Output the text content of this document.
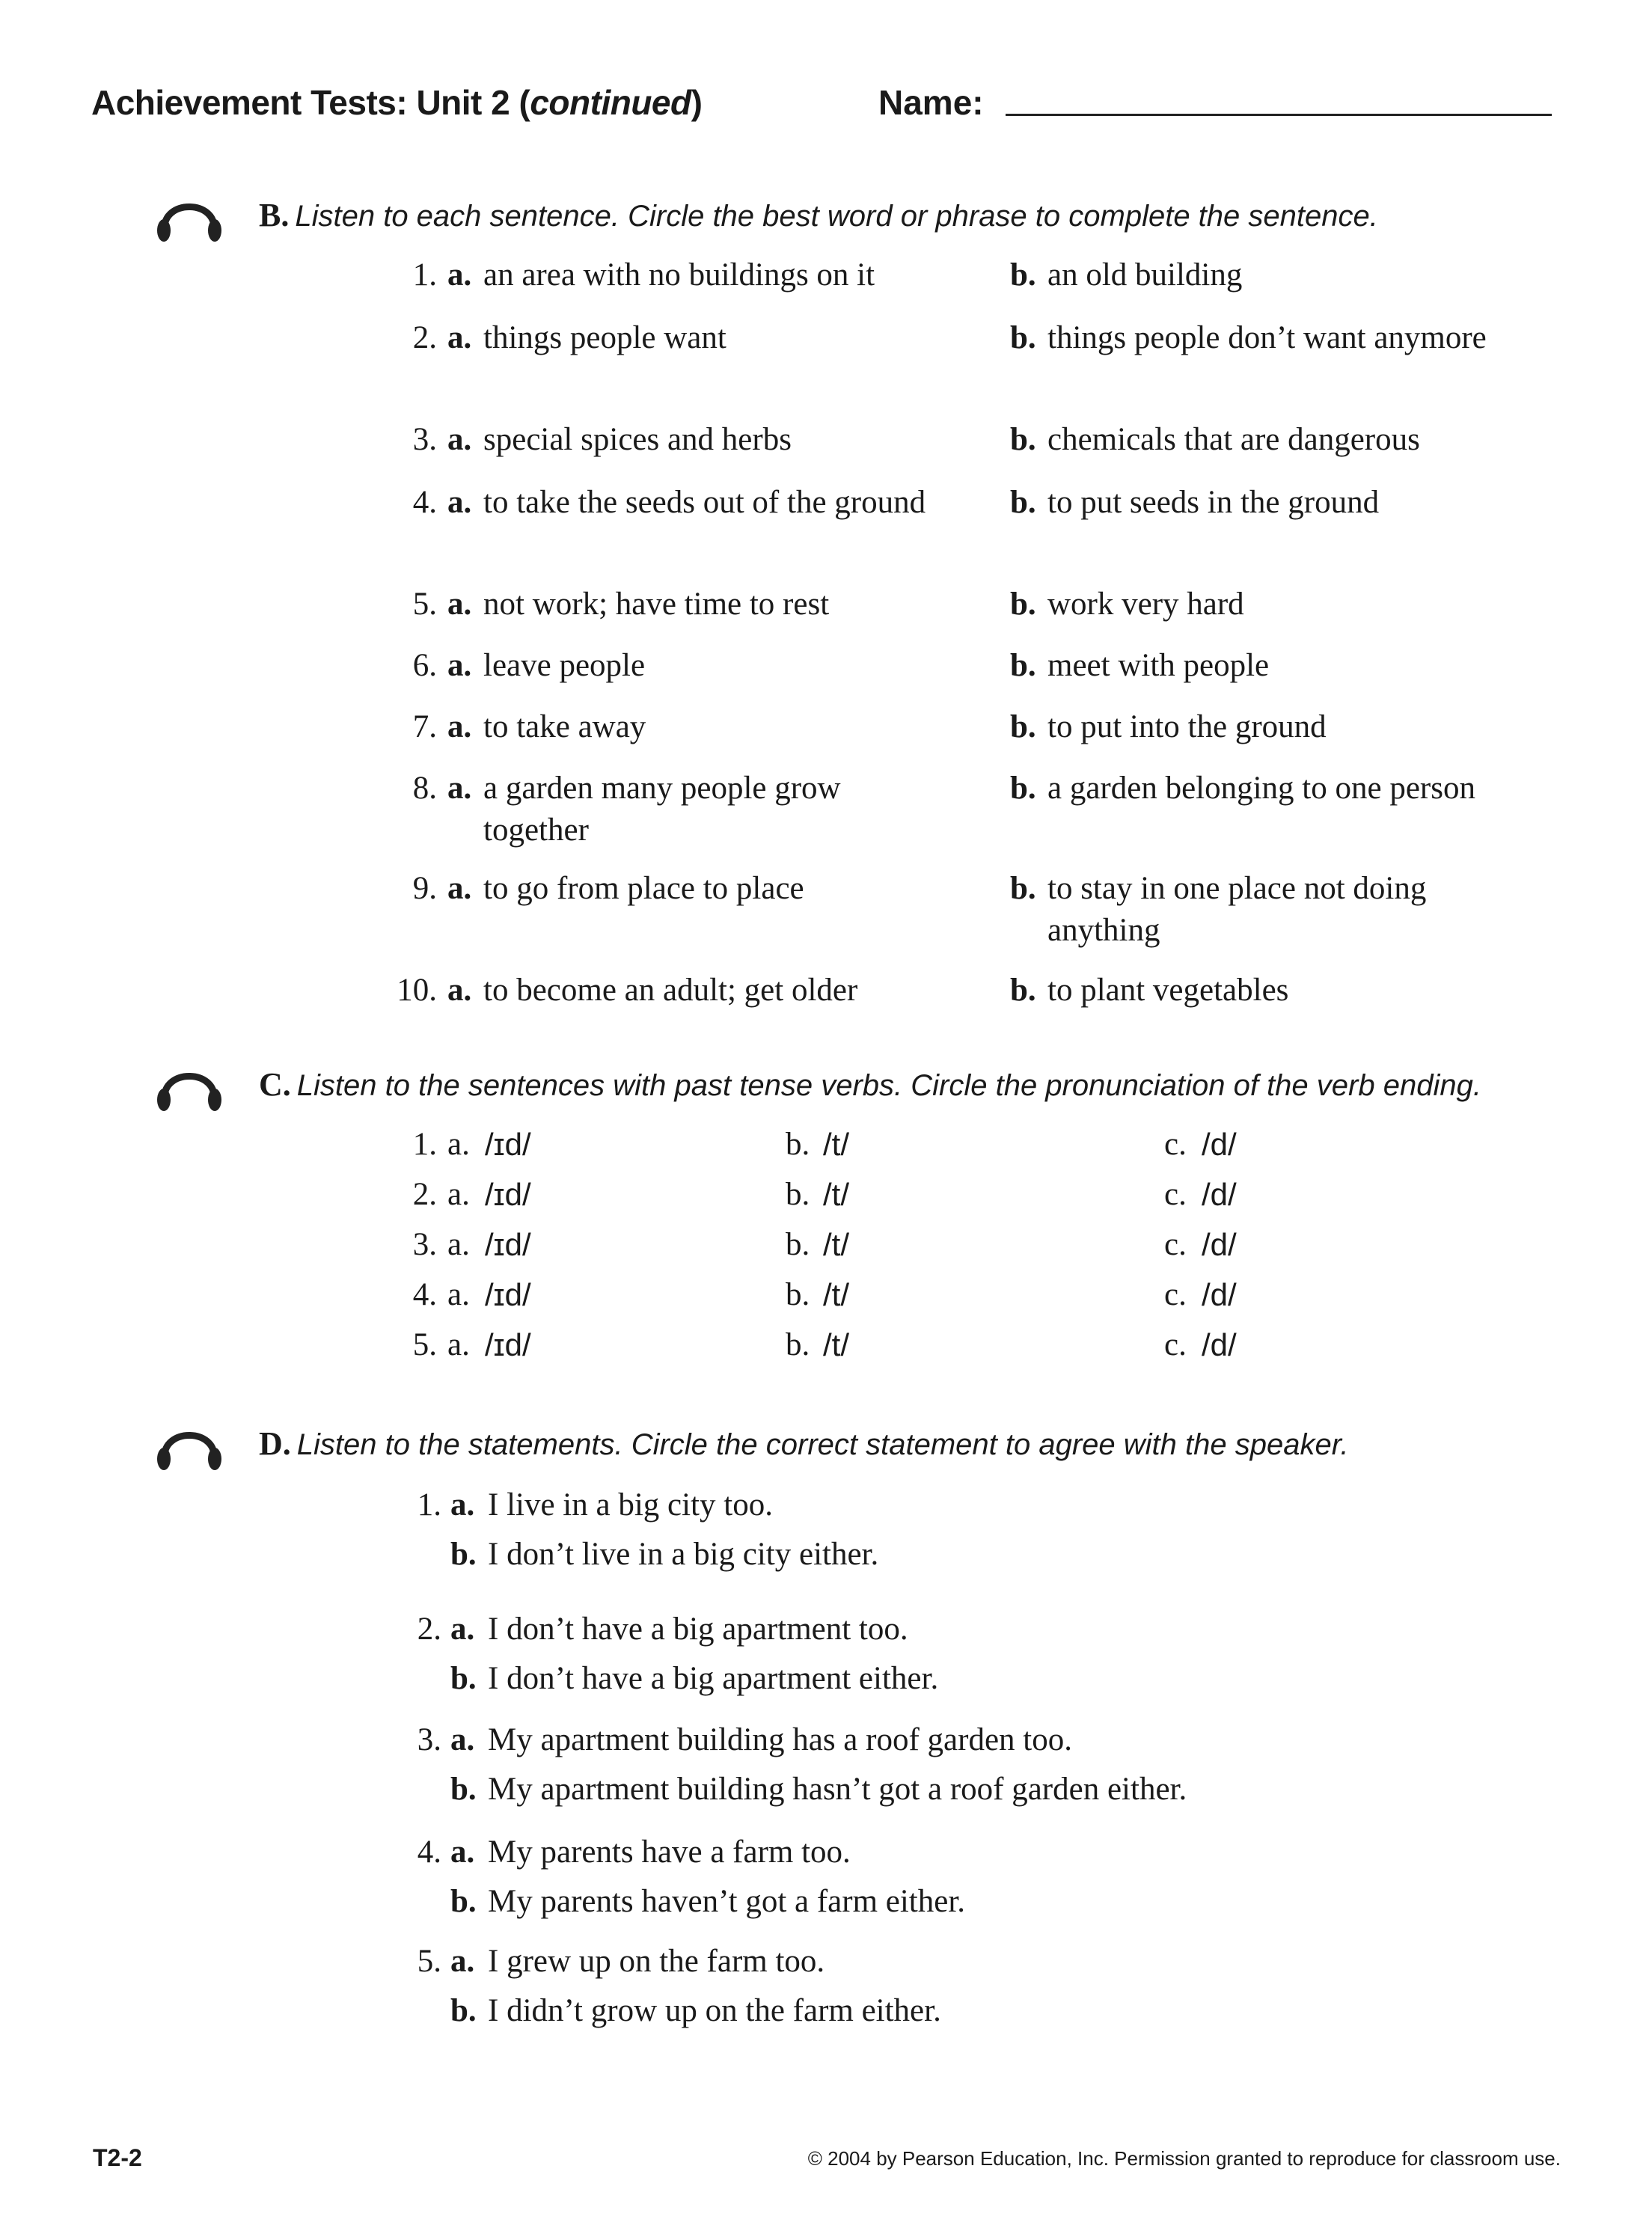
Achievement Tests: Unit 2 (continued)	Name:
B. Listen to each sentence. Circle the best word or phrase to complete the sentence.
1. a. an area with no buildings on it	b. an old building
2. a. things people want	b. things people don’t want anymore
3. a. special spices and herbs	b. chemicals that are dangerous
4. a. to take the seeds out of the ground	b. to put seeds in the ground
5. a. not work; have time to rest	b. work very hard
6. a. leave people	b. meet with people
7. a. to take away	b. to put into the ground
8. a. a garden many people grow together
b. a garden belonging to one person
9. a. to go from place to place	b. to stay in one place not doing anything
10. a. to become an adult; get older	b. to plant vegetables
C. Listen to the sentences with past tense verbs. Circle the pronunciation of the verb ending.
1. a. /ɪd/	b. /t/	c. /d/
2. a. /ɪd/	b. /t/	c. /d/
3. a. /ɪd/	b. /t/	c. /d/
4. a. /ɪd/	b. /t/	c. /d/
5. a. /ɪd/	b. /t/	c. /d/
D. Listen to the statements. Circle the correct statement to agree with the speaker.
1. a. I live in a big city too.
b. I don’t live in a big city either.
2. a. I don’t have a big apartment too.
b. I don’t have a big apartment either.
3. a. My apartment building has a roof garden too.
b. My apartment building hasn’t got a roof garden either.
4. a. My parents have a farm too.
b. My parents haven’t got a farm either.
5. a. I grew up on the farm too.
b. I didn’t grow up on the farm either.
T2-2	© 2004 by Pearson Education, Inc. Permission granted to reproduce for classroom use.
